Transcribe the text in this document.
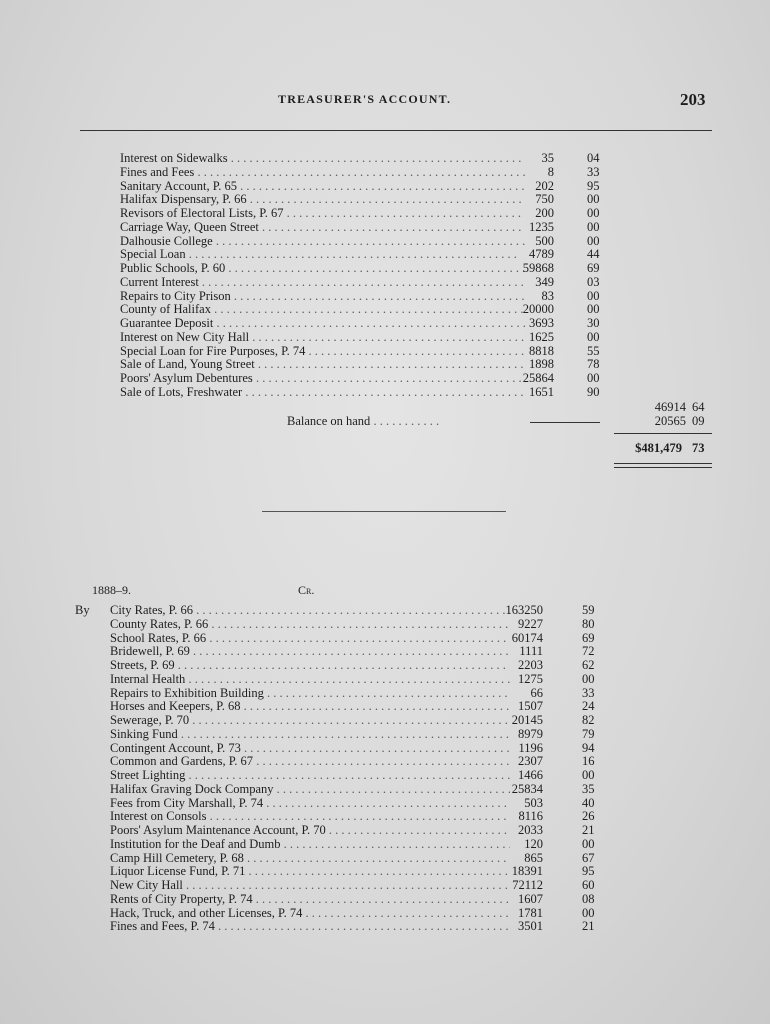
TREASURER'S ACCOUNT.	203
Interest on Sidewalks . . .	35	04
Fines and Fees . . .	8	33
Sanitary Account, P. 65 . . .	202	95
Halifax Dispensary, P. 66 . . .	750	00
Revisors of Electoral Lists, P. 67 . . .	200	00
Carriage Way, Queen Street . . .	1235	00
Dalhousie College . . .	500	00
Special Loan . . .	4789	44
Public Schools, P. 60 . . .	59868	69
Current Interest . . .	349	03
Repairs to City Prison . . .	83	00
County of Halifax . . .	20000	00
Guarantee Deposit . . .	3693	30
Interest on New City Hall . . .	1625	00
Special Loan for Fire Purposes, P. 74 . . .	8818	55
Sale of Land, Young Street . . .	1898	78
Poors' Asylum Debentures . . .	25864	00
Sale of Lots, Freshwater . . .	1651	90
46914 64
Balance on hand . . . . . . . . . . .	20565 09
$481,479 73
1888–9.	Cr.
By City Rates, P. 66 . . .	163250	59
County Rates, P. 66 . . .	9227	80
School Rates, P. 66 . . .	60174	69
Bridewell, P. 69 . . .	1111	72
Streets, P. 69 . . .	2203	62
Internal Health . . .	1275	00
Repairs to Exhibition Building . . .	66	33
Horses and Keepers, P. 68 . . .	1507	24
Sewerage, P. 70 . . .	20145	82
Sinking Fund . . .	8979	79
Contingent Account, P. 73 . . .	1196	94
Common and Gardens, P. 67 . . .	2307	16
Street Lighting . . .	1466	00
Halifax Graving Dock Company . . .	25834	35
Fees from City Marshall, P. 74 . . .	503	40
Interest on Consols . . .	8116	26
Poors' Asylum Maintenance Account, P. 70 . . .	2033	21
Institution for the Deaf and Dumb . . .	120	00
Camp Hill Cemetery, P. 68 . . .	865	67
Liquor License Fund, P. 71 . . .	18391	95
New City Hall . . .	72112	60
Rents of City Property, P. 74 . . .	1607	08
Hack, Truck, and other Licenses, P. 74 . . .	1781	00
Fines and Fees, P. 74 . . .	3501	21
